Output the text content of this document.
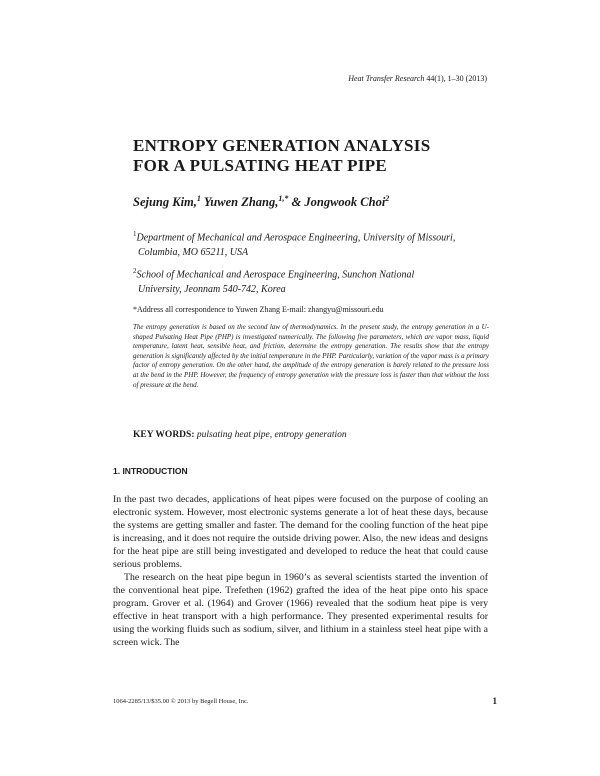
Heat Transfer Research 44(1), 1–30 (2013)
ENTROPY GENERATION ANALYSIS
FOR A PULSATING HEAT PIPE
Sejung Kim,$^1$ Yuwen Zhang,$^{1,*}$ & Jongwook Choi$^2$
$^1$Department of Mechanical and Aerospace Engineering, University of Missouri,
Columbia, MO 65211, USA
$^2$School of Mechanical and Aerospace Engineering, Sunchon National
University, Jeonnam 540-742, Korea
*Address all correspondence to Yuwen Zhang E-mail: zhangyu@missouri.edu
The entropy generation is based on the second law of thermodynamics. In the present study, the entropy generation in a U-shaped Pulsating Heat Pipe (PHP) is investigated numerically. The following five parameters, which are vapor mass, liquid temperature, latent heat, sensible heat, and friction, determine the entropy generation. The results show that the entropy generation is significantly affected by the initial temperature in the PHP. Particularly, variation of the vapor mass is a primary factor of entropy generation. On the other hand, the amplitude of the entropy generation is barely related to the pressure loss at the bend in the PHP. However, the frequency of entropy generation with the pressure loss is faster than that without the loss of pressure at the bend.
KEY WORDS: pulsating heat pipe, entropy generation
1. INTRODUCTION

In the past two decades, applications of heat pipes were focused on the purpose of cooling an electronic system. However, most electronic systems generate a lot of heat these days, because the systems are getting smaller and faster. The demand for the cooling function of the heat pipe is increasing, and it does not require the outside driving power. Also, the new ideas and designs for the heat pipe are still being investigated and developed to reduce the heat that could cause serious problems.

The research on the heat pipe begun in 1960’s as several scientists started the invention of the conventional heat pipe. Trefethen (1962) grafted the idea of the heat pipe onto his space program. Grover et al. (1964) and Grover (1966) revealed that the sodium heat pipe is very effective in heat transport with a high performance. They presented experimental results for using the working fluids such as sodium, silver, and lithium in a stainless steel heat pipe with a screen wick. The

1064-2285/13/$35.00 © 2013 by Begell House, Inc.	1
